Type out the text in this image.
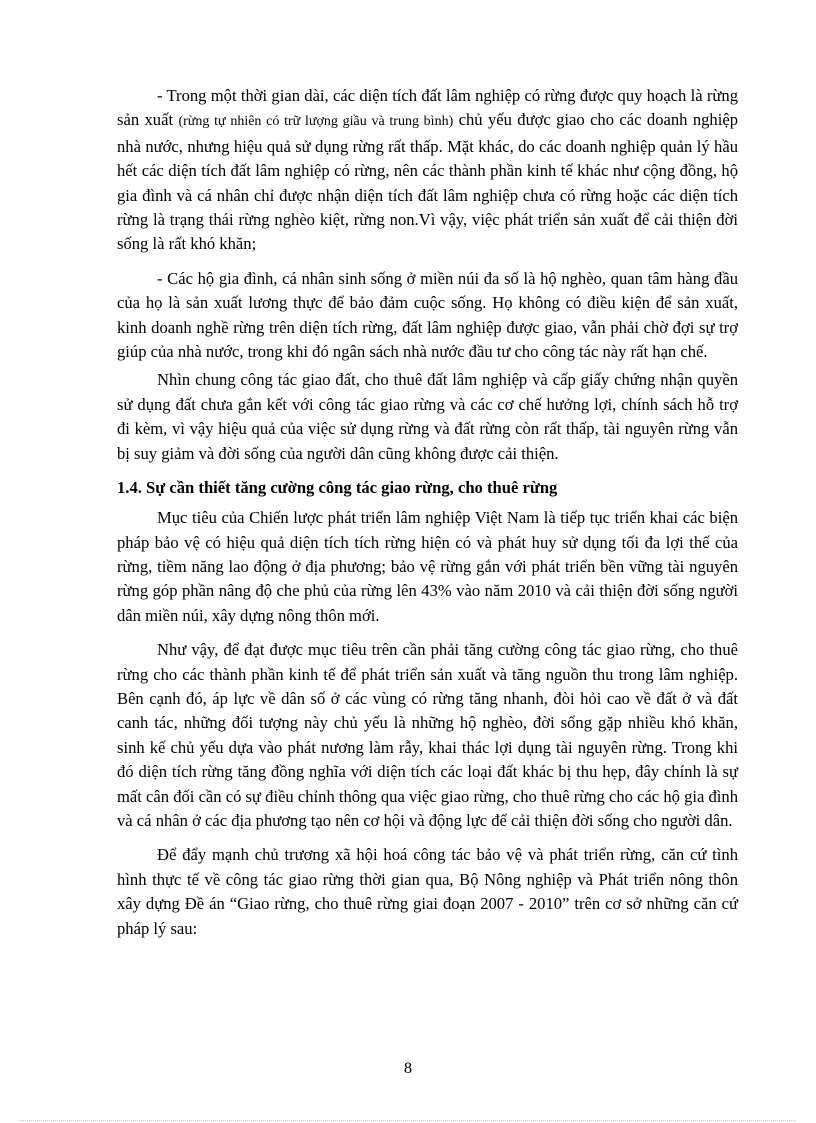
- Trong một thời gian dài, các diện tích đất lâm nghiệp có rừng được quy hoạch là rừng sản xuất (rừng tự nhiên có trữ lượng giầu và trung bình) chủ yếu được giao cho các doanh nghiệp nhà nước, nhưng hiệu quả sử dụng rừng rất thấp. Mặt khác, do các doanh nghiệp quản lý hầu hết các diện tích đất lâm nghiệp có rừng, nên các thành phần kinh tế khác như cộng đồng, hộ gia đình và cá nhân chỉ được nhận diện tích đất lâm nghiệp chưa có rừng hoặc các diện tích rừng là trạng thái rừng nghèo kiệt, rừng non.Vì vậy, việc phát triển sản xuất để cải thiện đời sống là rất khó khăn;

- Các hộ gia đình, cá nhân sinh sống ở miền núi đa số là hộ nghèo, quan tâm hàng đầu của họ là sản xuất lương thực để bảo đảm cuộc sống. Họ không có điều kiện để sản xuất, kinh doanh nghề rừng trên diện tích rừng, đất lâm nghiệp được giao, vẫn phải chờ đợi sự trợ giúp của nhà nước, trong khi đó ngân sách nhà nước đầu tư cho công tác này rất hạn chế.

Nhìn chung công tác giao đất, cho thuê đất lâm nghiệp và cấp giấy chứng nhận quyền sử dụng đất chưa gắn kết với công tác giao rừng và các cơ chế hưởng lợi, chính sách hỗ trợ đi kèm, vì vậy hiệu quả của việc sử dụng rừng và đất rừng còn rất thấp, tài nguyên rừng vẫn bị suy giảm và đời sống của người dân cũng không được cải thiện.

1.4. Sự cần thiết tăng cường công tác giao rừng, cho thuê rừng

Mục tiêu của Chiến lược phát triển lâm nghiệp Việt Nam là tiếp tục triển khai các biện pháp bảo vệ có hiệu quả diện tích tích rừng hiện có và phát huy sử dụng tối đa lợi thế của rừng, tiềm năng lao động ở địa phương; bảo vệ rừng gắn với phát triển bền vững tài nguyên rừng góp phần nâng độ che phủ của rừng lên 43% vào năm 2010 và cải thiện đời sống người dân miền núi, xây dựng nông thôn mới.

Như vậy, để đạt được mục tiêu trên cần phải tăng cường công tác giao rừng, cho thuê rừng cho các thành phần kinh tế để phát triển sản xuất và tăng nguồn thu trong lâm nghiệp. Bên cạnh đó, áp lực về dân số ở các vùng có rừng tăng nhanh, đòi hỏi cao về đất ở và đất canh tác, những đối tượng này chủ yếu là những hộ nghèo, đời sống gặp nhiều khó khăn, sinh kế chủ yếu dựa vào phát nương làm rẫy, khai thác lợi dụng tài nguyên rừng. Trong khi đó diện tích rừng tăng đồng nghĩa với diện tích các loại đất khác bị thu hẹp, đây chính là sự mất cân đối cần có sự điều chỉnh thông qua việc giao rừng, cho thuê rừng cho các hộ gia đình và cá nhân ở các địa phương tạo nên cơ hội và động lực để cải thiện đời sống cho người dân.

Để đẩy mạnh chủ trương xã hội hoá công tác bảo vệ và phát triển rừng, căn cứ tình hình thực tế về công tác giao rừng thời gian qua, Bộ Nông nghiệp và Phát triển nông thôn xây dựng Đề án “Giao rừng, cho thuê rừng giai đoạn 2007 - 2010” trên cơ sở những căn cứ pháp lý sau:

8
